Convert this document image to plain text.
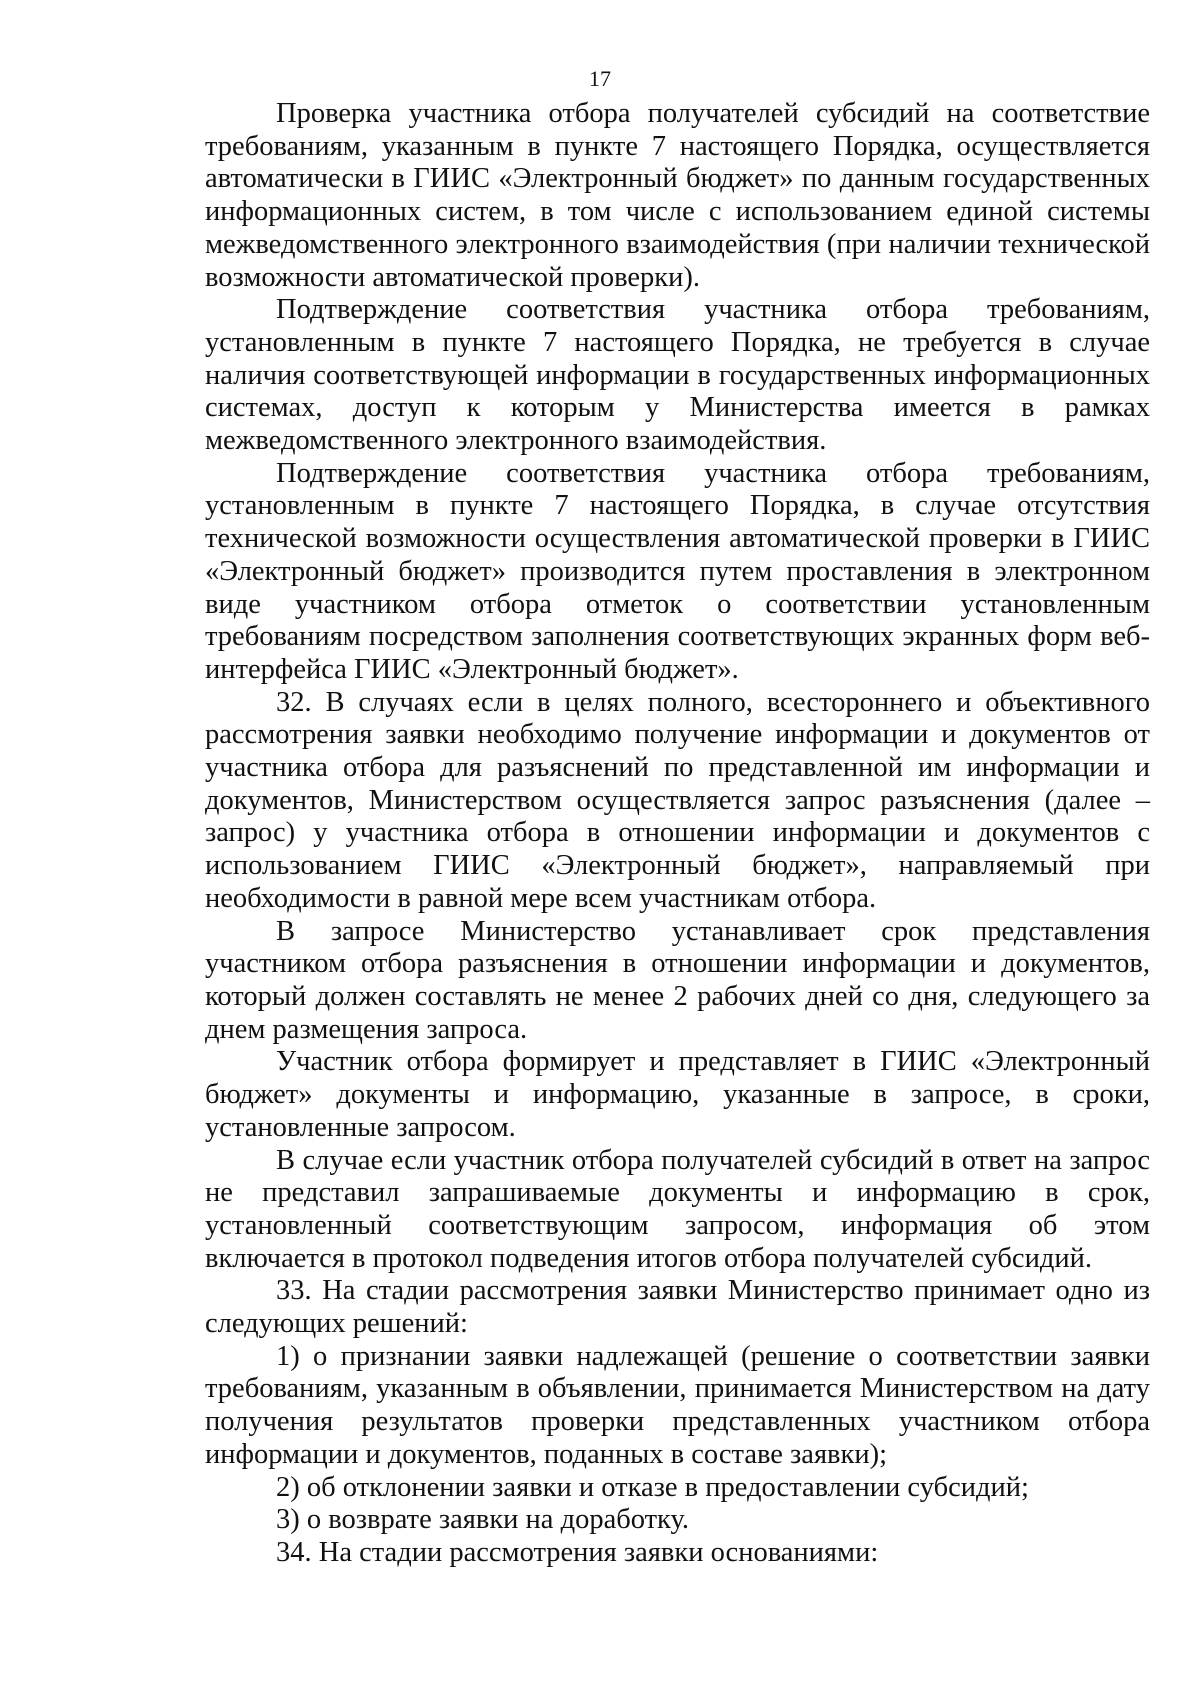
17

Проверка участника отбора получателей субсидий на соответствие требованиям, указанным в пункте 7 настоящего Порядка, осуществляется автоматически в ГИИС «Электронный бюджет» по данным государственных информационных систем, в том числе с использованием единой системы межведомственного электронного взаимодействия (при наличии технической возможности автоматической проверки).

Подтверждение соответствия участника отбора требованиям, установленным в пункте 7 настоящего Порядка, не требуется в случае наличия соответствующей информации в государственных информационных системах, доступ к которым у Министерства имеется в рамках межведомственного электронного взаимодействия.

Подтверждение соответствия участника отбора требованиям, установленным в пункте 7 настоящего Порядка, в случае отсутствия технической возможности осуществления автоматической проверки в ГИИС «Электронный бюджет» производится путем проставления в электронном виде участником отбора отметок о соответствии установленным требованиям посредством заполнения соответствующих экранных форм веб-интерфейса ГИИС «Электронный бюджет».

32. В случаях если в целях полного, всестороннего и объективного рассмотрения заявки необходимо получение информации и документов от участника отбора для разъяснений по представленной им информации и документов, Министерством осуществляется запрос разъяснения (далее – запрос) у участника отбора в отношении информации и документов с использованием ГИИС «Электронный бюджет», направляемый при необходимости в равной мере всем участникам отбора.

В запросе Министерство устанавливает срок представления участником отбора разъяснения в отношении информации и документов, который должен составлять не менее 2 рабочих дней со дня, следующего за днем размещения запроса.

Участник отбора формирует и представляет в ГИИС «Электронный бюджет» документы и информацию, указанные в запросе, в сроки, установленные запросом.

В случае если участник отбора получателей субсидий в ответ на запрос не представил запрашиваемые документы и информацию в срок, установленный соответствующим запросом, информация об этом включается в протокол подведения итогов отбора получателей субсидий.

33. На стадии рассмотрения заявки Министерство принимает одно из следующих решений:

1) о признании заявки надлежащей (решение о соответствии заявки требованиям, указанным в объявлении, принимается Министерством на дату получения результатов проверки представленных участником отбора информации и документов, поданных в составе заявки);

2) об отклонении заявки и отказе в предоставлении субсидий;

3) о возврате заявки на доработку.

34. На стадии рассмотрения заявки основаниями:
